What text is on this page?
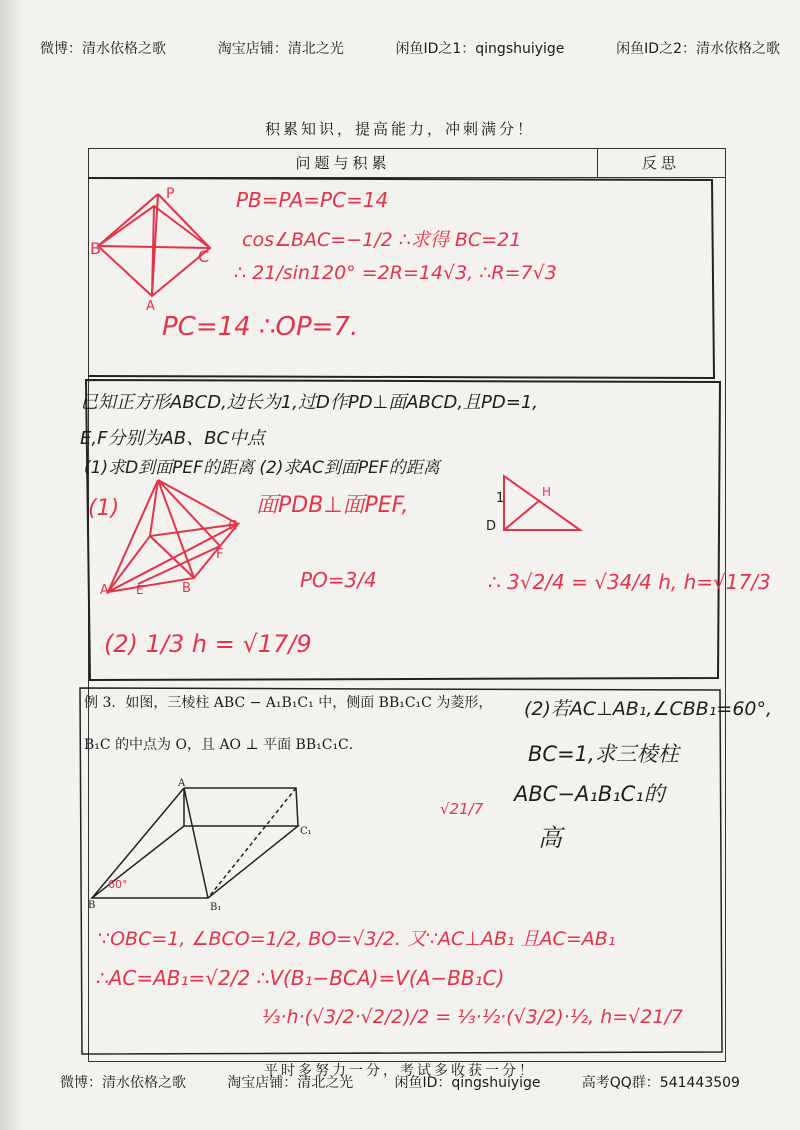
微博：清水依格之歌	淘宝店铺：清北之光	闲鱼ID之1：qingshuiyige	闲鱼ID之2：清水依格之歌
积累知识，提高能力，冲刺满分！
问题与积累	反思
B	C
P
A
PB=PA=PC=14
cos∠BAC=−1/2 ∴求得 BC=21
∴ 21/sin120° =2R=14√3, ∴R=7√3
PC=14 ∴OP=7.
已知正方形ABCD,边长为1,过D作PD⊥面ABCD,且PD=1,
E,F分别为AB、BC中点
(1)求D到面PEF的距离 (2)求AC到面PEF的距离
A	B
C
F
E
(1)	面PDB⊥面PEF,
H
D
1
PO=3/4	∴ 3√2/4 = √34/4 h, h=√17/3
(2) 1/3 h = √17/9
例 3．如图，三棱柱 ABC − A₁B₁C₁ 中，侧面 BB₁C₁C 为菱形，
B₁C 的中点为 O，且 AO ⊥ 平面 BB₁C₁C．
A
B
C₁
B₁
60°
√21/7
(2)若AC⊥AB₁,∠CBB₁=60°,
BC=1,求三棱柱
ABC−A₁B₁C₁的
高
∵OBC=1, ∠BCO=1/2, BO=√3/2. 又∵AC⊥AB₁ 且AC=AB₁
∴AC=AB₁=√2/2 ∴V(B₁−BCA)=V(A−BB₁C)
⅓·h·(√3/2·√2/2)/2 = ⅓·½·(√3/2)·½, h=√21/7
平时多努力一分，考试多收获一分！
微博：清水依格之歌	淘宝店铺：清北之光	闲鱼ID：qingshuiyige	高考QQ群：541443509
